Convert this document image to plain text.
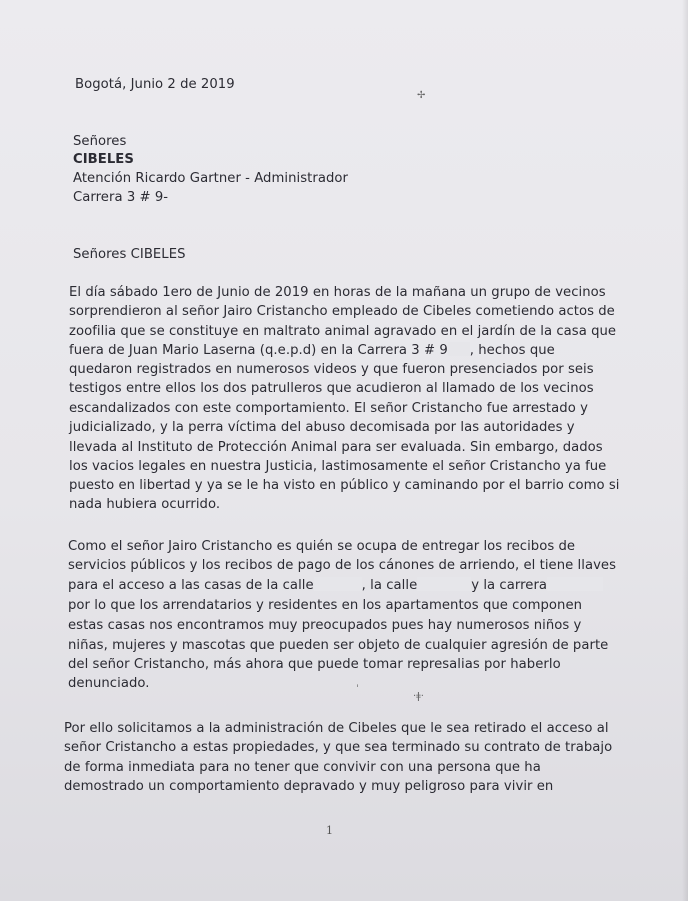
Bogotá, Junio 2 de 2019
✢
Señores
CIBELES
Atención Ricardo Gartner - Administrador
Carrera 3 # 9-
Señores CIBELES
El día sábado 1ero de Junio de 2019 en horas de la mañana un grupo de vecinos
sorprendieron al señor Jairo Cristancho empleado de Cibeles cometiendo actos de
zoofilia que se constituye en maltrato animal agravado en el jardín de la casa que
fuera de Juan Mario Laserna (q.e.p.d) en la Carrera 3 # 9 , hechos que
quedaron registrados en numerosos videos y que fueron presenciados por seis
testigos entre ellos los dos patrulleros que acudieron al llamado de los vecinos
escandalizados con este comportamiento. El señor Cristancho fue arrestado y
judicializado, y la perra víctima del abuso decomisada por las autoridades y
llevada al Instituto de Protección Animal para ser evaluada. Sin embargo, dados
los vacios legales en nuestra Justicia, lastimosamente el señor Cristancho ya fue
puesto en libertad y ya se le ha visto en público y caminando por el barrio como si
nada hubiera ocurrido.
Como el señor Jairo Cristancho es quién se ocupa de entregar los recibos de
servicios públicos y los recibos de pago de los cánones de arriendo, el tiene llaves
para el acceso a las casas de la calle	, la calle	y la carrera
por lo que los arrendatarios y residentes en los apartamentos que componen
estas casas nos encontramos muy preocupados pues hay numerosos niños y
niñas, mujeres y mascotas que pueden ser objeto de cualquier agresión de parte
del señor Cristancho, más ahora que puede tomar represalias por haberlo
denunciado.	ˈ
·ǂ·
Por ello solicitamos a la administración de Cibeles que le sea retirado el acceso al
señor Cristancho a estas propiedades, y que sea terminado su contrato de trabajo
de forma inmediata para no tener que convivir con una persona que ha
demostrado un comportamiento depravado y muy peligroso para vivir en
1
